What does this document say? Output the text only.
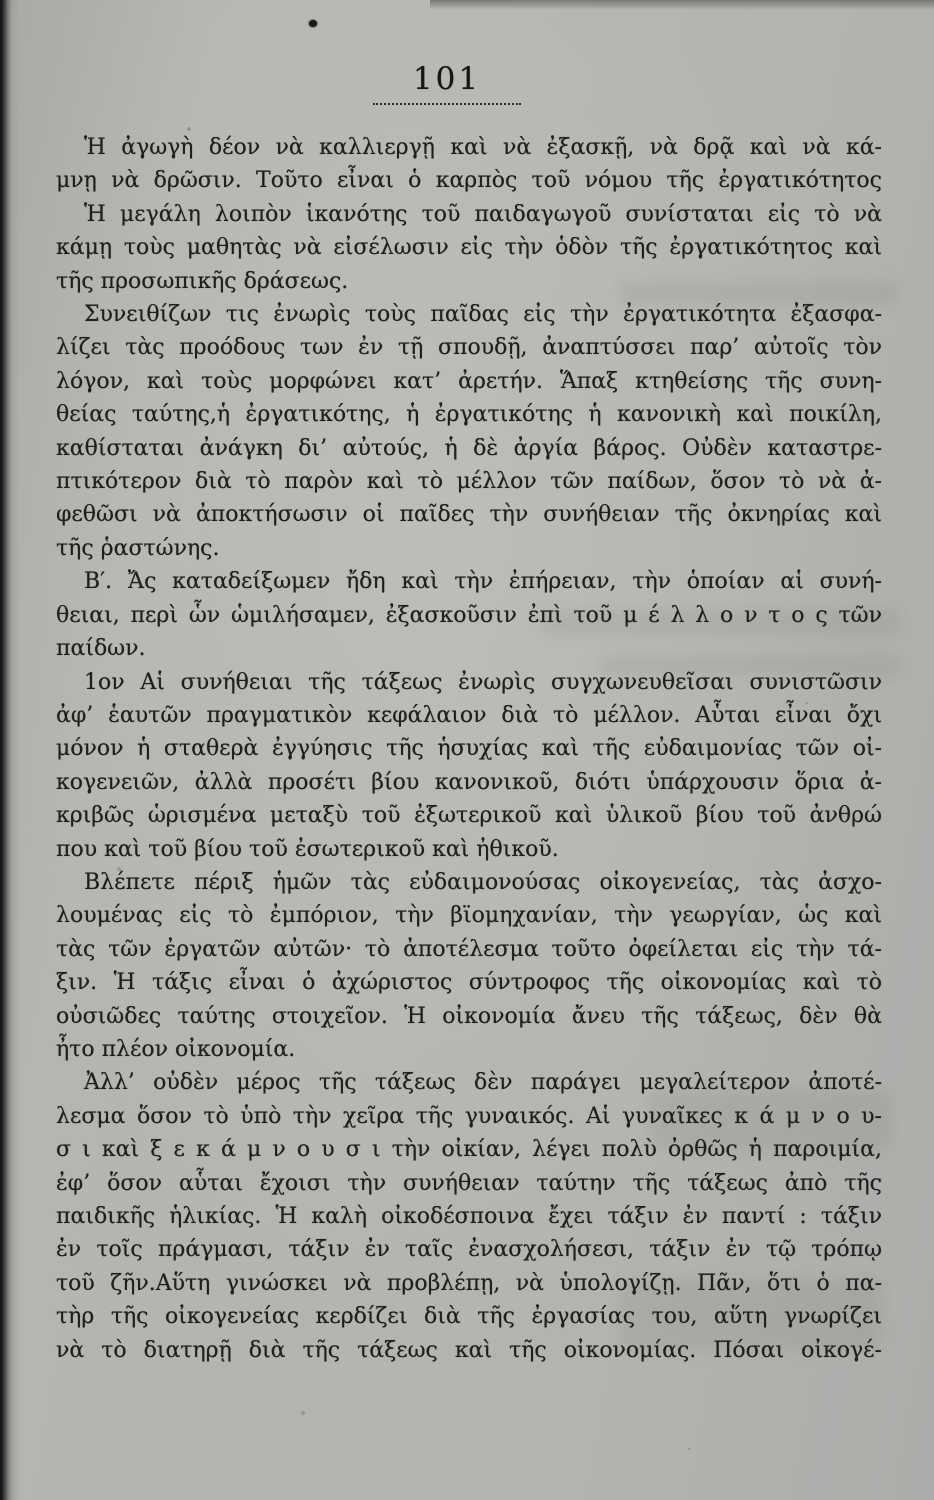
101
Ἡ ἀγωγὴ δέον νὰ καλλιεργῇ καὶ νὰ ἐξασκῇ, νὰ δρᾷ καὶ νὰ κά-
μνῃ νὰ δρῶσιν. Τοῦτο εἶναι ὁ καρπὸς τοῦ νόμου τῆς ἐργατικότητος
Ἡ μεγάλη λοιπὸν ἱκανότης τοῦ παιδαγωγοῦ συνίσταται εἰς τὸ νὰ
κάμῃ τοὺς μαθητὰς νὰ εἰσέλωσιν εἰς τὴν ὁδὸν τῆς ἐργατικότητος καὶ
τῆς προσωπικῆς δράσεως.
Συνειθίζων τις ἐνωρὶς τοὺς παῖδας εἰς τὴν ἐργατικότητα ἐξασφα-
λίζει τὰς προόδους των ἐν τῇ σπουδῇ, ἀναπτύσσει παρ’ αὐτοῖς τὸν
λόγον, καὶ τοὺς μορφώνει κατ’ ἀρετήν. Ἅπαξ κτηθείσης τῆς συνη-
θείας ταύτης,ἡ ἐργατικότης, ἡ ἐργατικότης ἡ κανονικὴ καὶ ποικίλη,
καθίσταται ἀνάγκη δι’ αὐτούς, ἡ δὲ ἀργία βάρος. Οὐδὲν καταστρε-
πτικότερον διὰ τὸ παρὸν καὶ τὸ μέλλον τῶν παίδων, ὅσον τὸ νὰ ἀ-
φεθῶσι νὰ ἀποκτήσωσιν οἱ παῖδες τὴν συνήθειαν τῆς ὀκνηρίας καὶ
τῆς ῥαστώνης.
Β′. Ἄς καταδείξωμεν ἤδη καὶ τὴν ἐπήρειαν, τὴν ὁποίαν αἱ συνή-
θειαι, περὶ ὧν ὡμιλήσαμεν, ἐξασκοῦσιν ἐπὶ τοῦ μ έ λ λ ο ν τ ο ς τῶν
παίδων.
1ον Αἱ συνήθειαι τῆς τάξεως ἐνωρὶς συγχωνευθεῖσαι συνιστῶσιν
ἀφ’ ἑαυτῶν πραγματικὸν κεφάλαιον διὰ τὸ μέλλον. Αὗται εἶναι ὄχι
μόνον ἡ σταθερὰ ἐγγύησις τῆς ἡσυχίας καὶ τῆς εὐδαιμονίας τῶν οἰ-
κογενειῶν, ἀλλὰ προσέτι βίου κανονικοῦ, διότι ὑπάρχουσιν ὅρια ἀ-
κριβῶς ὡρισμένα μεταξὺ τοῦ ἐξωτερικοῦ καὶ ὑλικοῦ βίου τοῦ ἀνθρώ
που καὶ τοῦ βίου τοῦ ἐσωτερικοῦ καὶ ἠθικοῦ.
Βλέπετε πέριξ ἡμῶν τὰς εὐδαιμονούσας οἰκογενείας, τὰς ἀσχο-
λουμένας εἰς τὸ ἐμπόριον, τὴν βϊομηχανίαν, τὴν γεωργίαν, ὡς καὶ
τὰς τῶν ἐργατῶν αὐτῶν· τὸ ἀποτέλεσμα τοῦτο ὀφείλεται εἰς τὴν τά-
ξιν. Ἡ τάξις εἶναι ὁ ἀχώριστος σύντροφος τῆς οἰκονομίας καὶ τὸ
οὐσιῶδες ταύτης στοιχεῖον. Ἡ οἰκονομία ἄνευ τῆς τάξεως, δὲν θὰ
ἦτο πλέον οἰκονομία.
Ἀλλ’ οὐδὲν μέρος τῆς τάξεως δὲν παράγει μεγαλείτερον ἀποτέ-
λεσμα ὅσον τὸ ὑπὸ τὴν χεῖρα τῆς γυναικός. Αἱ γυναῖκες κ ά μ ν ο υ-
σ ι καὶ ξ ε κ ά μ ν ο υ σ ι τὴν οἰκίαν, λέγει πολὺ ὀρθῶς ἡ παροιμία,
ἐφ’ ὅσον αὗται ἔχοισι τὴν συνήθειαν ταύτην τῆς τάξεως ἀπὸ τῆς
παιδικῆς ἡλικίας. Ἡ καλὴ οἰκοδέσποινα ἔχει τάξιν ἐν παντί : τάξιν
ἐν τοῖς πράγμασι, τάξιν ἐν ταῖς ἐνασχολήσεσι, τάξιν ἐν τῷ τρόπῳ
τοῦ ζῆν.Αὕτη γινώσκει νὰ προβλέπῃ, νὰ ὑπολογίζῃ. Πᾶν, ὅτι ὁ πα-
τὴρ τῆς οἰκογενείας κερδίζει διὰ τῆς ἐργασίας του, αὕτη γνωρίζει
νὰ τὸ διατηρῇ διὰ τῆς τάξεως καὶ τῆς οἰκονομίας. Πόσαι οἰκογέ-
